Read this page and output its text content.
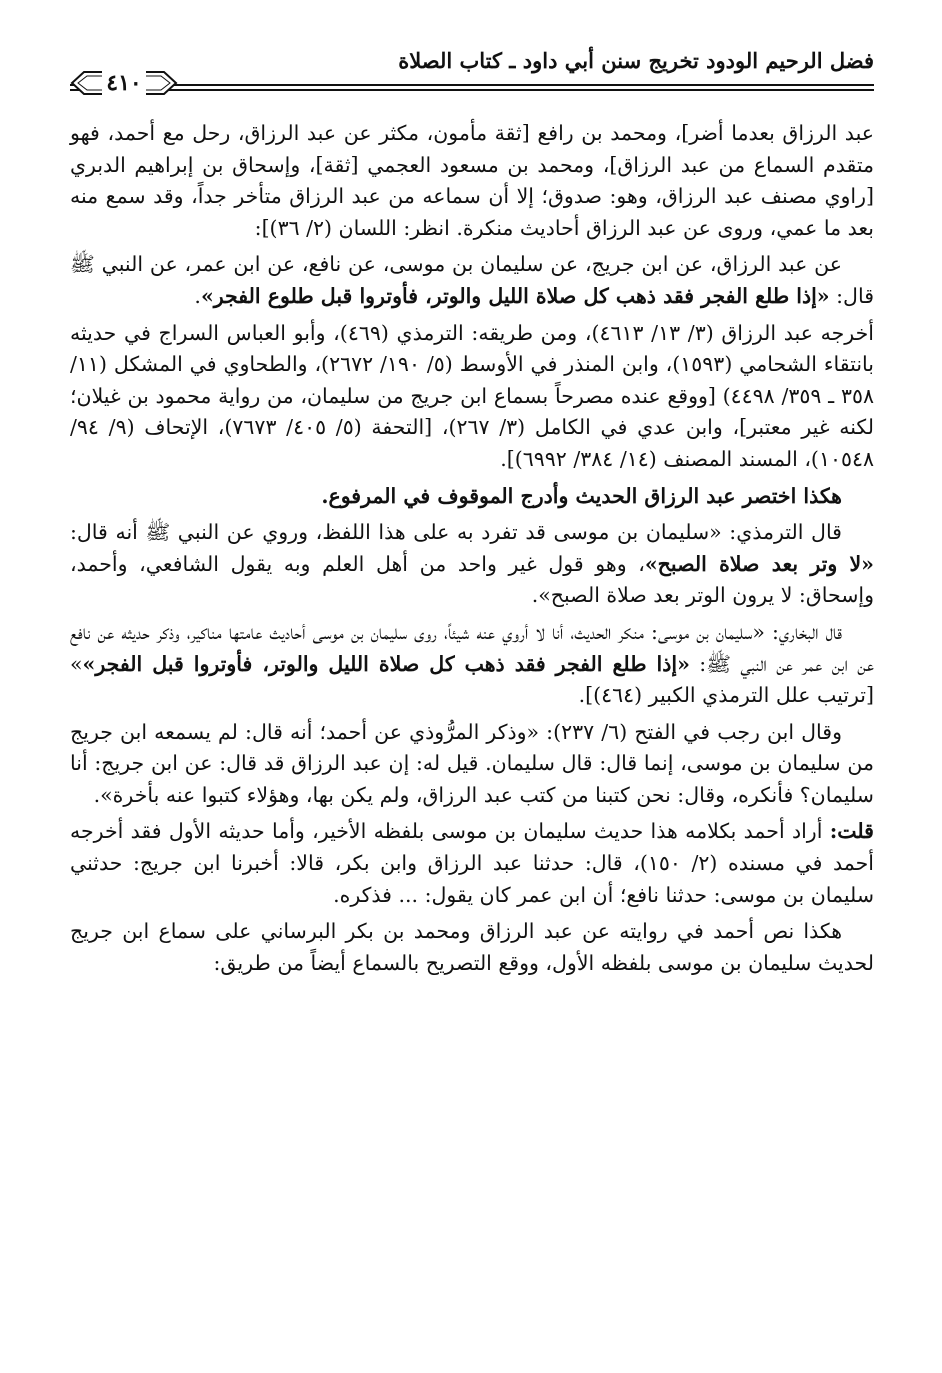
فضل الرحيم الودود تخريج سنن أبي داود ـ كتاب الصلاة
٤١٠

عبد الرزاق بعدما أضر]، ومحمد بن رافع [ثقة مأمون، مكثر عن عبد الرزاق، رحل مع أحمد، فهو متقدم السماع من عبد الرزاق]، ومحمد بن مسعود العجمي [ثقة]، وإسحاق بن إبراهيم الدبري [راوي مصنف عبد الرزاق، وهو: صدوق؛ إلا أن سماعه من عبد الرزاق متأخر جداً، وقد سمع منه بعد ما عمي، وروى عن عبد الرزاق أحاديث منكرة. انظر: اللسان (٢/ ٣٦)]:

عن عبد الرزاق، عن ابن جريج، عن سليمان بن موسى، عن نافع، عن ابن عمر، عن النبي ﷺ قال: «إذا طلع الفجر فقد ذهب كل صلاة الليل والوتر، فأوتروا قبل طلوع الفجر».

أخرجه عبد الرزاق (٣/ ١٣/ ٤٦١٣)، ومن طريقه: الترمذي (٤٦٩)، وأبو العباس السراج في حديثه بانتقاء الشحامي (١٥٩٣)، وابن المنذر في الأوسط (٥/ ١٩٠/ ٢٦٧٢)، والطحاوي في المشكل (١١/ ٣٥٨ ـ ٣٥٩/ ٤٤٩٨) [ووقع عنده مصرحاً بسماع ابن جريج من سليمان، من رواية محمود بن غيلان؛ لكنه غير معتبر]، وابن عدي في الكامل (٣/ ٢٦٧)، [التحفة (٥/ ٤٠٥/ ٧٦٧٣)، الإتحاف (٩/ ٩٤/ ١٠٥٤٨)، المسند المصنف (١٤/ ٣٨٤/ ٦٩٩٢)].

هكذا اختصر عبد الرزاق الحديث وأدرج الموقوف في المرفوع.

قال الترمذي: «سليمان بن موسى قد تفرد به على هذا اللفظ، وروي عن النبي ﷺ أنه قال: «لا وتر بعد صلاة الصبح»، وهو قول غير واحد من أهل العلم وبه يقول الشافعي، وأحمد، وإسحاق: لا يرون الوتر بعد صلاة الصبح».

قال البخاري: «سليمان بن موسى: منكر الحديث، أنا لا أروي عنه شيئاً، روى سليمان بن موسى أحاديث عامتها مناكير، وذكر حديثه عن نافع عن ابن عمر عن النبي ﷺ: «إذا طلع الفجر فقد ذهب كل صلاة الليل والوتر، فأوتروا قبل الفجر»» [ترتيب علل الترمذي الكبير (٤٦٤)].

وقال ابن رجب في الفتح (٦/ ٢٣٧): «وذكر المرُّوذي عن أحمد؛ أنه قال: لم يسمعه ابن جريج من سليمان بن موسى، إنما قال: قال سليمان. قيل له: إن عبد الرزاق قد قال: عن ابن جريج: أنا سليمان؟ فأنكره، وقال: نحن كتبنا من كتب عبد الرزاق، ولم يكن بها، وهؤلاء كتبوا عنه بأخرة».

قلت: أراد أحمد بكلامه هذا حديث سليمان بن موسى بلفظه الأخير، وأما حديثه الأول فقد أخرجه أحمد في مسنده (٢/ ١٥٠)، قال: حدثنا عبد الرزاق وابن بكر، قالا: أخبرنا ابن جريج: حدثني سليمان بن موسى: حدثنا نافع؛ أن ابن عمر كان يقول: ... فذكره.

هكذا نص أحمد في روايته عن عبد الرزاق ومحمد بن بكر البرساني على سماع ابن جريج لحديث سليمان بن موسى بلفظه الأول، ووقع التصريح بالسماع أيضاً من طريق:
